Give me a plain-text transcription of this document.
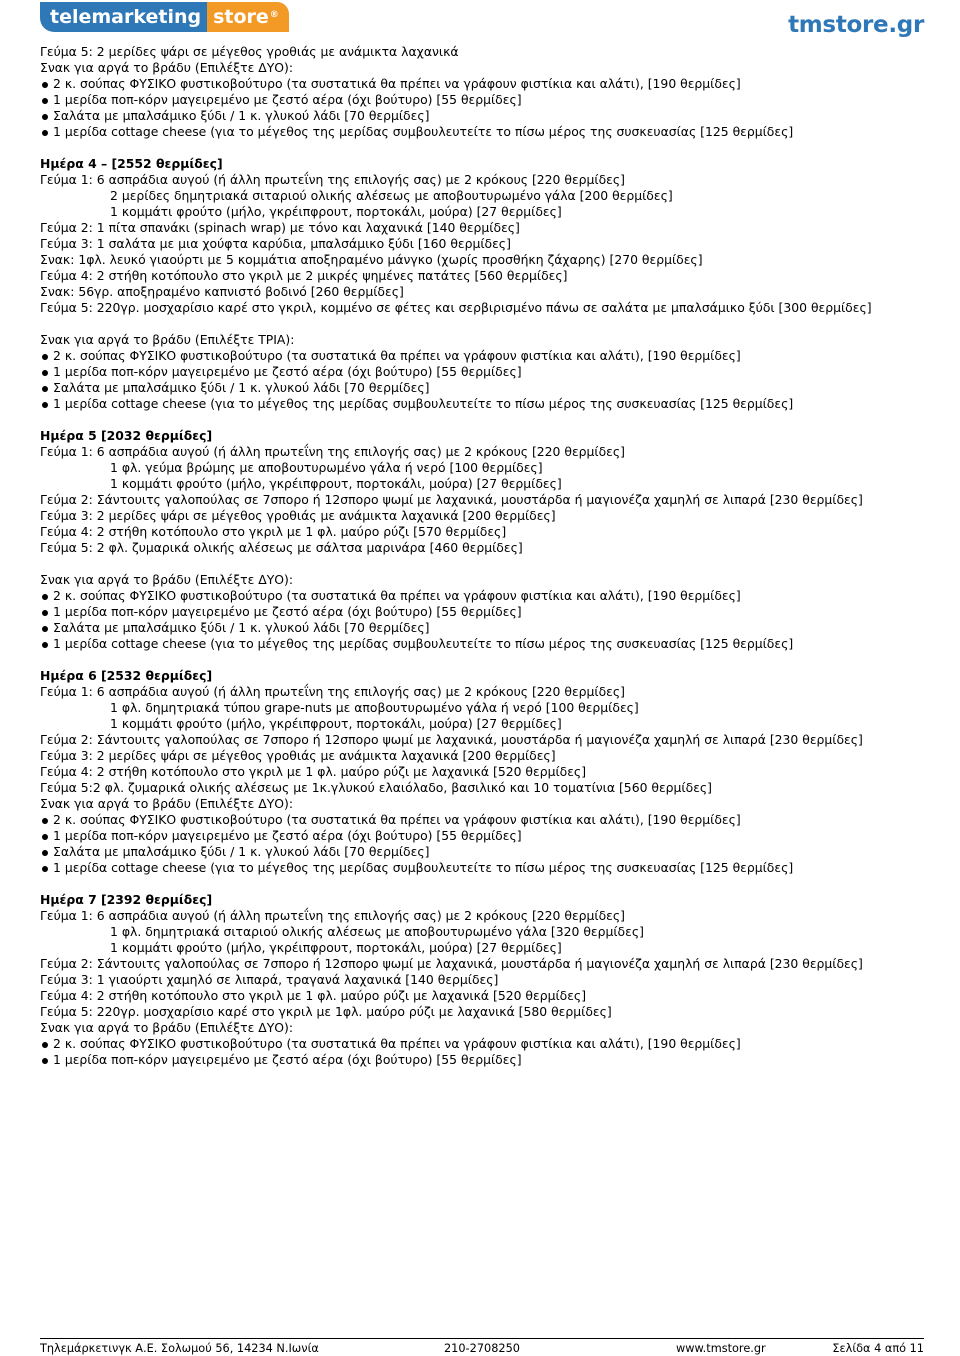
telemarketing store®	tmstore.gr
Γεύμα 5: 2 μερίδες ψάρι σε μέγεθος γροθιάς με ανάμικτα λαχανικά
Σνακ για αργά το βράδυ (Επιλέξτε ΔΥΟ):
2 κ. σούπας ΦΥΣΙΚΟ φυστικοβούτυρο (τα συστατικά θα πρέπει να γράφουν φιστίκια και αλάτι), [190 θερμίδες]
1 μερίδα ποπ-κόρν μαγειρεμένο με ζεστό αέρα (όχι βούτυρο) [55 θερμίδες]
Σαλάτα με μπαλσάμικο ξύδι / 1 κ. γλυκού λάδι [70 θερμίδες]
1 μερίδα cottage cheese (για το μέγεθος της μερίδας συμβουλευτείτε το πίσω μέρος της συσκευασίας [125 θερμίδες]
Ημέρα 4 – [2552 θερμίδες]
Γεύμα 1: 6 ασπράδια αυγού (ή άλλη πρωτεΐνη της επιλογής σας) με 2 κρόκους [220 θερμίδες]
2 μερίδες δημητριακά σιταριού ολικής αλέσεως με αποβουτυρωμένο γάλα [200 θερμίδες]
1 κομμάτι φρούτο (μήλο, γκρέιπφρουτ, πορτοκάλι, μούρα) [27 θερμίδες]
Γεύμα 2: 1 πίτα σπανάκι (spinach wrap) με τόνο και λαχανικά [140 θερμίδες]
Γεύμα 3: 1 σαλάτα με μια χούφτα καρύδια, μπαλσάμικο ξύδι [160 θερμίδες]
Σνακ: 1φλ. λευκό γιαούρτι με 5 κομμάτια αποξηραμένο μάνγκο (χωρίς προσθήκη ζάχαρης) [270 θερμίδες]
Γεύμα 4: 2 στήθη κοτόπουλο στο γκριλ με 2 μικρές ψημένες πατάτες [560 θερμίδες]
Σνακ: 56γρ. αποξηραμένο καπνιστό βοδινό [260 θερμίδες]
Γεύμα 5: 220γρ. μοσχαρίσιο καρέ στο γκριλ, κομμένο σε φέτες και σερβιρισμένο πάνω σε σαλάτα με μπαλσάμικο ξύδι [300 θερμίδες]
Σνακ για αργά το βράδυ (Επιλέξτε ΤΡΙΑ):
2 κ. σούπας ΦΥΣΙΚΟ φυστικοβούτυρο (τα συστατικά θα πρέπει να γράφουν φιστίκια και αλάτι), [190 θερμίδες]
1 μερίδα ποπ-κόρν μαγειρεμένο με ζεστό αέρα (όχι βούτυρο) [55 θερμίδες]
Σαλάτα με μπαλσάμικο ξύδι / 1 κ. γλυκού λάδι [70 θερμίδες]
1 μερίδα cottage cheese (για το μέγεθος της μερίδας συμβουλευτείτε το πίσω μέρος της συσκευασίας [125 θερμίδες]
Ημέρα 5 [2032 θερμίδες]
Γεύμα 1: 6 ασπράδια αυγού (ή άλλη πρωτεΐνη της επιλογής σας) με 2 κρόκους [220 θερμίδες]
1 φλ. γεύμα βρώμης με αποβουτυρωμένο γάλα ή νερό [100 θερμίδες]
1 κομμάτι φρούτο (μήλο, γκρέιπφρουτ, πορτοκάλι, μούρα) [27 θερμίδες]
Γεύμα 2: Σάντουιτς γαλοπούλας σε 7σπορο ή 12σπορο ψωμί με λαχανικά, μουστάρδα ή μαγιονέζα χαμηλή σε λιπαρά [230 θερμίδες]
Γεύμα 3: 2 μερίδες ψάρι σε μέγεθος γροθιάς με ανάμικτα λαχανικά [200 θερμίδες]
Γεύμα 4: 2 στήθη κοτόπουλο στο γκριλ με 1 φλ. μαύρο ρύζι [570 θερμίδες]
Γεύμα 5: 2 φλ. ζυμαρικά ολικής αλέσεως με σάλτσα μαρινάρα [460 θερμίδες]
Σνακ για αργά το βράδυ (Επιλέξτε ΔΥΟ):
2 κ. σούπας ΦΥΣΙΚΟ φυστικοβούτυρο (τα συστατικά θα πρέπει να γράφουν φιστίκια και αλάτι), [190 θερμίδες]
1 μερίδα ποπ-κόρν μαγειρεμένο με ζεστό αέρα (όχι βούτυρο) [55 θερμίδες]
Σαλάτα με μπαλσάμικο ξύδι / 1 κ. γλυκού λάδι [70 θερμίδες]
1 μερίδα cottage cheese (για το μέγεθος της μερίδας συμβουλευτείτε το πίσω μέρος της συσκευασίας [125 θερμίδες]
Ημέρα 6 [2532 θερμίδες]
Γεύμα 1: 6 ασπράδια αυγού (ή άλλη πρωτεΐνη της επιλογής σας) με 2 κρόκους [220 θερμίδες]
1 φλ. δημητριακά τύπου grape-nuts με αποβουτυρωμένο γάλα ή νερό [100 θερμίδες]
1 κομμάτι φρούτο (μήλο, γκρέιπφρουτ, πορτοκάλι, μούρα) [27 θερμίδες]
Γεύμα 2: Σάντουιτς γαλοπούλας σε 7σπορο ή 12σπορο ψωμί με λαχανικά, μουστάρδα ή μαγιονέζα χαμηλή σε λιπαρά [230 θερμίδες]
Γεύμα 3: 2 μερίδες ψάρι σε μέγεθος γροθιάς με ανάμικτα λαχανικά [200 θερμίδες]
Γεύμα 4: 2 στήθη κοτόπουλο στο γκριλ με 1 φλ. μαύρο ρύζι με λαχανικά [520 θερμίδες]
Γεύμα 5:2 φλ. ζυμαρικά ολικής αλέσεως με 1κ.γλυκού ελαιόλαδο, βασιλικό και 10 τοματίνια [560 θερμίδες]
Σνακ για αργά το βράδυ (Επιλέξτε ΔΥΟ):
2 κ. σούπας ΦΥΣΙΚΟ φυστικοβούτυρο (τα συστατικά θα πρέπει να γράφουν φιστίκια και αλάτι), [190 θερμίδες]
1 μερίδα ποπ-κόρν μαγειρεμένο με ζεστό αέρα (όχι βούτυρο) [55 θερμίδες]
Σαλάτα με μπαλσάμικο ξύδι / 1 κ. γλυκού λάδι [70 θερμίδες]
1 μερίδα cottage cheese (για το μέγεθος της μερίδας συμβουλευτείτε το πίσω μέρος της συσκευασίας [125 θερμίδες]
Ημέρα 7 [2392 θερμίδες]
Γεύμα 1: 6 ασπράδια αυγού (ή άλλη πρωτεΐνη της επιλογής σας) με 2 κρόκους [220 θερμίδες]
1 φλ. δημητριακά σιταριού ολικής αλέσεως με αποβουτυρωμένο γάλα [320 θερμίδες]
1 κομμάτι φρούτο (μήλο, γκρέιπφρουτ, πορτοκάλι, μούρα) [27 θερμίδες]
Γεύμα 2: Σάντουιτς γαλοπούλας σε 7σπορο ή 12σπορο ψωμί με λαχανικά, μουστάρδα ή μαγιονέζα χαμηλή σε λιπαρά [230 θερμίδες]
Γεύμα 3: 1 γιαούρτι χαμηλό σε λιπαρά, τραγανά λαχανικά [140 θερμίδες]
Γεύμα 4: 2 στήθη κοτόπουλο στο γκριλ με 1 φλ. μαύρο ρύζι με λαχανικά [520 θερμίδες]
Γεύμα 5: 220γρ. μοσχαρίσιο καρέ στο γκριλ με 1φλ. μαύρο ρύζι με λαχανικά [580 θερμίδες]
Σνακ για αργά το βράδυ (Επιλέξτε ΔΥΟ):
2 κ. σούπας ΦΥΣΙΚΟ φυστικοβούτυρο (τα συστατικά θα πρέπει να γράφουν φιστίκια και αλάτι), [190 θερμίδες]
1 μερίδα ποπ-κόρν μαγειρεμένο με ζεστό αέρα (όχι βούτυρο) [55 θερμίδες]
Τηλεμάρκετινγκ Α.Ε. Σολωμού 56, 14234 Ν.Ιωνία	210-2708250	www.tmstore.gr	Σελίδα 4 από 11
